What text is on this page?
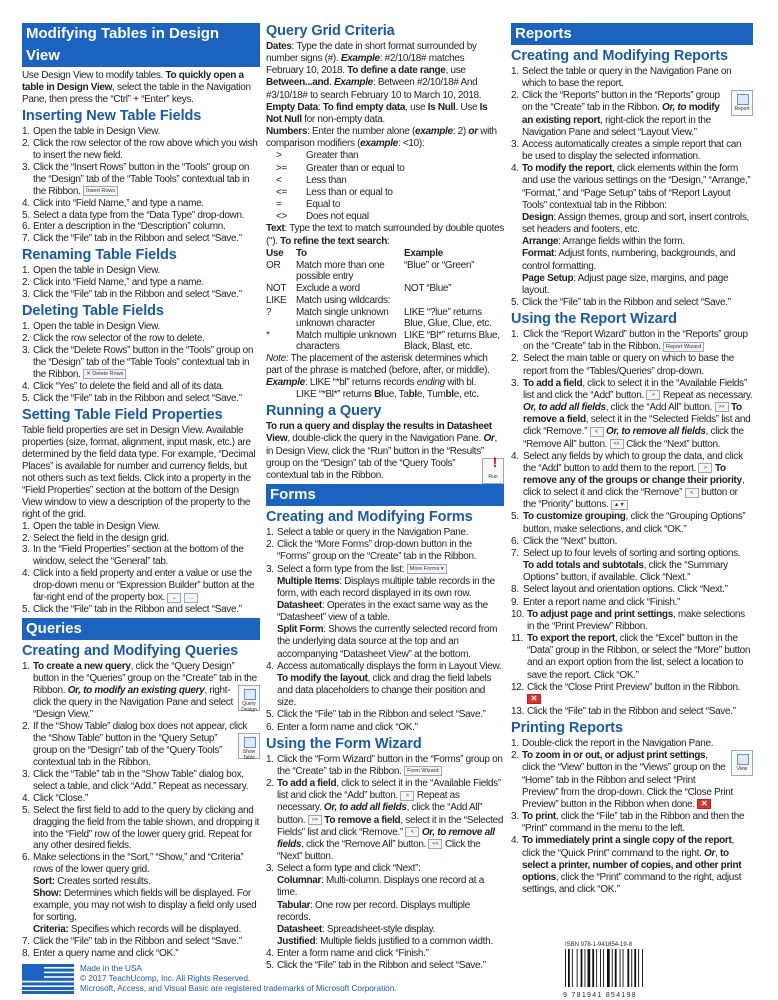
Modifying Tables in Design View
Use Design View to modify tables. To quickly open a table in Design View, select the table in the Navigation Pane, then press the “Ctrl” + “Enter” keys.
Inserting New Table Fields
1. Open the table in Design View.
2. Click the row selector of the row above which you wish to insert the new field.
3. Click the “Insert Rows” button in the “Tools” group on the “Design” tab of the “Table Tools” contextual tab in the Ribbon. Insert Rows
4. Click into “Field Name,” and type a name.
5. Select a data type from the “Data Type” drop-down.
6. Enter a description in the “Description” column.
7. Click the “File” tab in the Ribbon and select “Save.”
Renaming Table Fields
1. Open the table in Design View.
2. Click into “Field Name,” and type a name.
3. Click the “File” tab in the Ribbon and select “Save.”
Deleting Table Fields
1. Open the table in Design View.
2. Click the row selector of the row to delete.
3. Click the “Delete Rows” button in the “Tools” group on the “Design” tab of the “Table Tools” contextual tab in the Ribbon. ✕ Delete Rows
4. Click “Yes” to delete the field and all of its data.
5. Click the “File” tab in the Ribbon and select “Save.”
Setting Table Field Properties
Table field properties are set in Design View. Available properties (size, format, alignment, input mask, etc.) are determined by the field data type. For example, “Decimal Places” is available for number and currency fields, but not others such as text fields. Click into a property in the “Field Properties” section at the bottom of the Design View window to view a description of the property to the right of the grid.
1. Open the table in Design View.
2. Select the field in the design grid.
3. In the “Field Properties” section at the bottom of the window, select the “General” tab.
4. Click into a field property and enter a value or use the drop-down menu or “Expression Builder” button at the far-right end of the property box. ⌄ …
5. Click the “File” tab in the Ribbon and select “Save.”
Queries
Creating and Modifying Queries
1. To create a new query, click the “Query Design” button in the “Queries” group on the “Create” tab in the Ribbon.
Query Design
Or, to modify an existing query, right-click the query in the Navigation Pane and select “Design View.”
2. If the “Show Table” dialog box does not appear, click the “Show Table” button in the “Query Setup”
Show Table
group on the “Design” tab of the “Query Tools” contextual tab in the Ribbon.
3. Click the “Table” tab in the “Show Table” dialog box, select a table, and click “Add.” Repeat as necessary.
4. Click “Close.”
5. Select the first field to add to the query by clicking and dragging the field from the table shown, and dropping it into the “Field” row of the lower query grid. Repeat for any other desired fields.
6. Make selections in the “Sort,” “Show,” and “Criteria” rows of the lower query grid.
Sort: Creates sorted results.
Show: Determines which fields will be displayed. For example, you may not wish to display a field only used for sorting.
Criteria: Specifies which records will be displayed.
7. Click the “File” tab in the Ribbon and select “Save.”
8. Enter a query name and click “OK.”
Query Grid Criteria
Dates: Type the date in short format surrounded by number signs (#). Example: #2/10/18# matches February 10, 2018. To define a date range, use Between...and. Example: Between #2/10/18# And #3/10/18# to search February 10 to March 10, 2018.
Empty Data: To find empty data, use Is Null. Use Is Not Null for non-empty data.
Numbers: Enter the number alone (example: 2) or with comparison modifiers (example: <10):
>	Greater than
>=	Greater than or equal to
<	Less than
<=	Less than or equal to
=	Equal to
<>	Does not equal
Text: Type the text to match surrounded by double quotes ("). To refine the text search:
Use	To	Example
OR	Match more than one possible entry	“Blue” or “Green”
NOT	Exclude a word	NOT “Blue”
LIKE	Match using wildcards:	
?	Match single unknown unknown character	LIKE “?lue” returns Blue, Glue, Clue, etc.
*	Match multiple unknown characters	LIKE “Bl*” returns Blue, Black, Blast, etc.
Note: The placement of the asterisk determines which part of the phrase is matched (before, after, or middle).
Example: LIKE “*bl” returns records ending with bl.
LIKE “*Bl*” returns Blue, Table, Tumble, etc.
Running a Query
To run a query and display the results in Datasheet View, double-click the query in the Navigation Pane. Or, in Design View, click the “Run” button in the “Results” group on the “Design” tab of the “Query
! Run
Tools” contextual tab in the Ribbon.
Forms
Creating and Modifying Forms
1. Select a table or query in the Navigation Pane.
2. Click the “More Forms” drop-down button in the “Forms” group on the “Create” tab in the Ribbon.
3. Select a form type from the list: More Forms ▾
Multiple Items: Displays multiple table records in the form, with each record displayed in its own row.
Datasheet: Operates in the exact same way as the “Datasheet” view of a table.
Split Form: Shows the currently selected record from the underlying data source at the top and an accompanying “Datasheet View” at the bottom.
4. Access automatically displays the form in Layout View. To modify the layout, click and drag the field labels and data placeholders to change their position and size.
5. Click the “File” tab in the Ribbon and select “Save.”
6. Enter a form name and click “OK.”
Using the Form Wizard
1. Click the “Form Wizard” button in the “Forms” group on the “Create” tab in the Ribbon. Form Wizard
2. To add a field, click to select it in the “Available Fields” list and click the “Add” button. > Repeat as necessary. Or, to add all fields, click the “Add All” button. >> To remove a field, select it in the “Selected Fields” list and click “Remove.” < Or, to remove all fields, click the “Remove All” button. << Click the “Next” button.
3. Select a form type and click “Next”:
Columnar: Multi-column. Displays one record at a time.
Tabular: One row per record. Displays multiple records.
Datasheet: Spreadsheet-style display.
Justified: Multiple fields justified to a common width.
4. Enter a form name and click “Finish.”
5. Click the “File” tab in the Ribbon and select “Save.”
Reports
Creating and Modifying Reports
1. Select the table or query in the Navigation Pane on which to base the report.
2.
Report
Click the “Reports” button in the “Reports” group on the “Create” tab in the Ribbon. Or, to modify an existing report, right-click the report in the Navigation Pane and select “Layout View.”
3. Access automatically creates a simple report that can be used to display the selected information.
4. To modify the report, click elements within the form and use the various settings on the “Design,” “Arrange,” “Format,” and “Page Setup” tabs of “Report Layout Tools” contextual tab in the Ribbon:
Design: Assign themes, group and sort, insert controls, set headers and footers, etc.
Arrange: Arrange fields within the form.
Format: Adjust fonts, numbering, backgrounds, and control formatting.
Page Setup: Adjust page size, margins, and page layout.
5. Click the “File” tab in the Ribbon and select “Save.”
Using the Report Wizard
1. Click the “Report Wizard” button in the “Reports” group on the “Create” tab in the Ribbon. Report Wizard
2. Select the main table or query on which to base the report from the “Tables/Queries” drop-down.
3. To add a field, click to select it in the “Available Fields” list and click the “Add” button. > Repeat as necessary. Or, to add all fields, click the “Add All” button. >> To remove a field, select it in the “Selected Fields” list and click “Remove.” < Or, to remove all fields, click the “Remove All” button. << Click the “Next” button.
4. Select any fields by which to group the data, and click the “Add” button to add them to the report. > To remove any of the groups or change their priority, click to select it and click the “Remove” < button or the “Priority” buttons. ▲▼
5. To customize grouping, click the “Grouping Options” button, make selections, and click “OK.”
6. Click the “Next” button.
7. Select up to four levels of sorting and sorting options. To add totals and subtotals, click the “Summary Options” button, if available. Click “Next.”
8. Select layout and orientation options. Click “Next.”
9. Enter a report name and click “Finish.”
10. To adjust page and print settings, make selections in the “Print Preview” Ribbon.
11. To export the report, click the “Excel” button in the “Data” group in the Ribbon, or select the “More” button and an export option from the list, select a location to save the report. Click “OK.”
12. Click the “Close Print Preview” button in the Ribbon. ✕
13. Click the “File” tab in the Ribbon and select “Save.”
Printing Reports
1. Double-click the report in the Navigation Pane.
2.
View
To zoom in or out, or adjust print settings, click the “View” button in the “Views” group on the “Home” tab in the Ribbon and select “Print Preview” from the drop-down. Click the “Close Print Preview” button in the Ribbon when done. ✕
3. To print, click the “File” tab in the Ribbon and then the “Print” command in the menu to the left.
4. To immediately print a single copy of the report, click the “Quick Print” command to the right. Or, to select a printer, number of copies, and other print options, click the “Print” command to the right, adjust settings, and click “OK.”
ISBN 978-1-941854-19-8
9 781941 854198
Made in the USA
© 2017 TeachUcomp, Inc. All Rights Reserved.
Microsoft, Access, and Visual Basic are registered trademarks of Microsoft Corporation.
